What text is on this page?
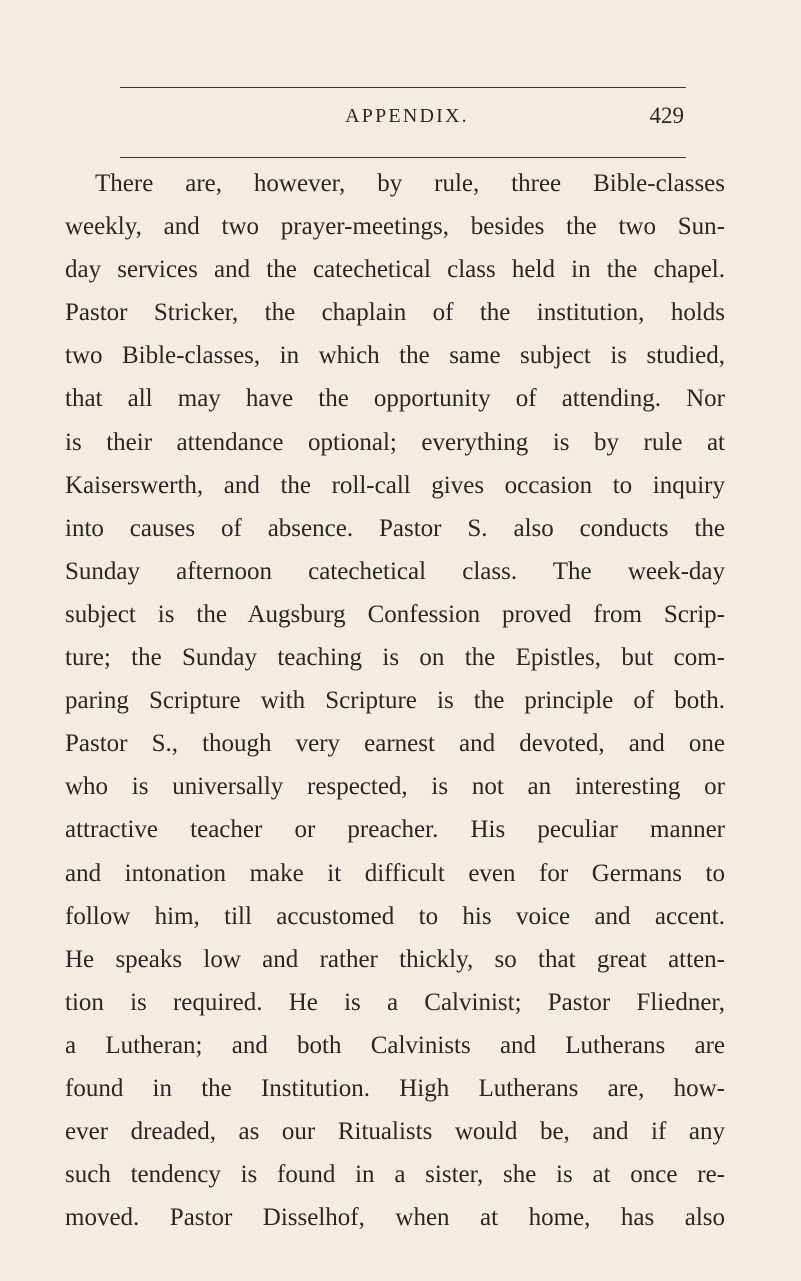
APPENDIX.	429
There are, however, by rule, three Bible-classes
weekly, and two prayer-meetings, besides the two Sun-
day services and the catechetical class held in the chapel.
Pastor Stricker, the chaplain of the institution, holds
two Bible-classes, in which the same subject is studied,
that all may have the opportunity of attending. Nor
is their attendance optional; everything is by rule at
Kaiserswerth, and the roll-call gives occasion to inquiry
into causes of absence. Pastor S. also conducts the
Sunday afternoon catechetical class. The week-day
subject is the Augsburg Confession proved from Scrip-
ture; the Sunday teaching is on the Epistles, but com-
paring Scripture with Scripture is the principle of both.
Pastor S., though very earnest and devoted, and one
who is universally respected, is not an interesting or
attractive teacher or preacher. His peculiar manner
and intonation make it difficult even for Germans to
follow him, till accustomed to his voice and accent.
He speaks low and rather thickly, so that great atten-
tion is required. He is a Calvinist; Pastor Fliedner,
a Lutheran; and both Calvinists and Lutherans are
found in the Institution. High Lutherans are, how-
ever dreaded, as our Ritualists would be, and if any
such tendency is found in a sister, she is at once re-
moved. Pastor Disselhof, when at home, has also
